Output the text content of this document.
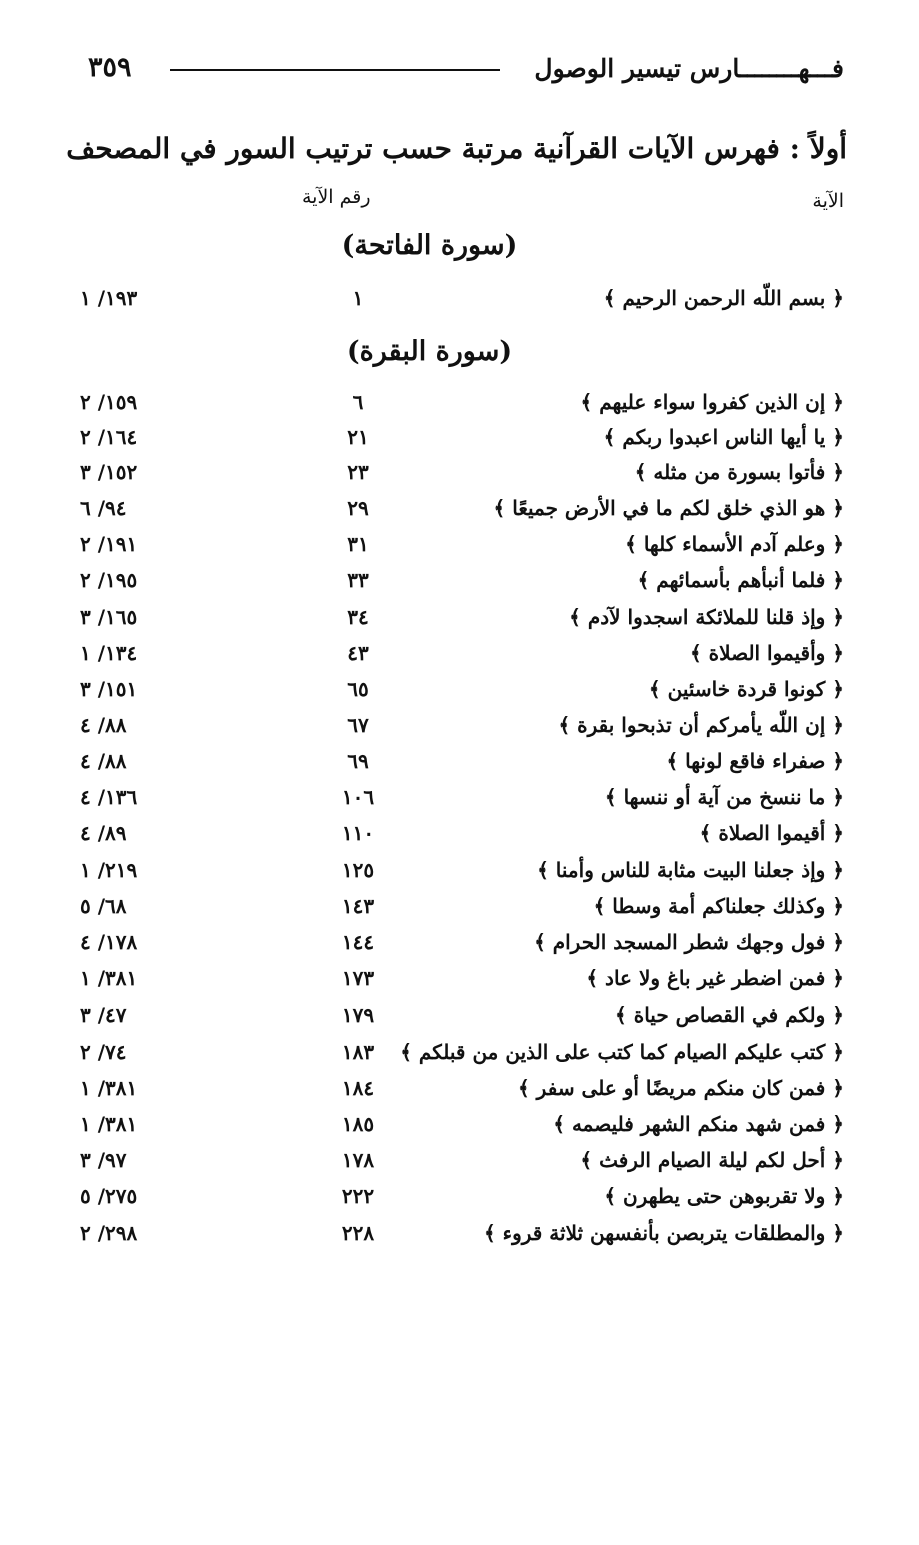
فـــهــــــــارس تيسير الوصول
٣٥٩
أولاً : فهرس الآيات القرآنية مرتبة حسب ترتيب السور في المصحف
الآية
رقم الآية
(سورة الفاتحة)
﴿ بسم اللّه الرحمن الرحيم ﴾
١
١٩٣/ ١
(سورة البقرة)
﴿ إن الذين كفروا سواء عليهم ﴾
٦
١٥٩/ ٢
﴿ يا أيها الناس اعبدوا ربكم ﴾
٢١
١٦٤/ ٢
﴿ فأتوا بسورة من مثله ﴾
٢٣
١٥٢/ ٣
﴿ هو الذي خلق لكم ما في الأرض جميعًا ﴾
٢٩
٩٤/ ٦
﴿ وعلم آدم الأسماء كلها ﴾
٣١
١٩١/ ٢
﴿ فلما أنبأهم بأسمائهم ﴾
٣٣
١٩٥/ ٢
﴿ وإذ قلنا للملائكة اسجدوا لآدم ﴾
٣٤
١٦٥/ ٣
﴿ وأقيموا الصلاة ﴾
٤٣
١٣٤/ ١
﴿ كونوا قردة خاسئين ﴾
٦٥
١٥١/ ٣
﴿ إن اللّه يأمركم أن تذبحوا بقرة ﴾
٦٧
٨٨/ ٤
﴿ صفراء فاقع لونها ﴾
٦٩
٨٨/ ٤
﴿ ما ننسخ من آية أو ننسها ﴾
١٠٦
١٣٦/ ٤
﴿ أقيموا الصلاة ﴾
١١٠
٨٩/ ٤
﴿ وإذ جعلنا البيت مثابة للناس وأمنا ﴾
١٢٥
٢١٩/ ١
﴿ وكذلك جعلناكم أمة وسطا ﴾
١٤٣
٦٨/ ٥
﴿ فول وجهك شطر المسجد الحرام ﴾
١٤٤
١٧٨/ ٤
﴿ فمن اضطر غير باغ ولا عاد ﴾
١٧٣
٣٨١/ ١
﴿ ولكم في القصاص حياة ﴾
١٧٩
٤٧/ ٣
﴿ كتب عليكم الصيام كما كتب على الذين من قبلكم ﴾
١٨٣
٧٤/ ٢
﴿ فمن كان منكم مريضًا أو على سفر ﴾
١٨٤
٣٨١/ ١
﴿ فمن شهد منكم الشهر فليصمه ﴾
١٨٥
٣٨١/ ١
﴿ أحل لكم ليلة الصيام الرفث ﴾
١٧٨
٩٧/ ٣
﴿ ولا تقربوهن حتى يطهرن ﴾
٢٢٢
٢٧٥/ ٥
﴿ والمطلقات يتربصن بأنفسهن ثلاثة قروء ﴾
٢٢٨
٢٩٨/ ٢
